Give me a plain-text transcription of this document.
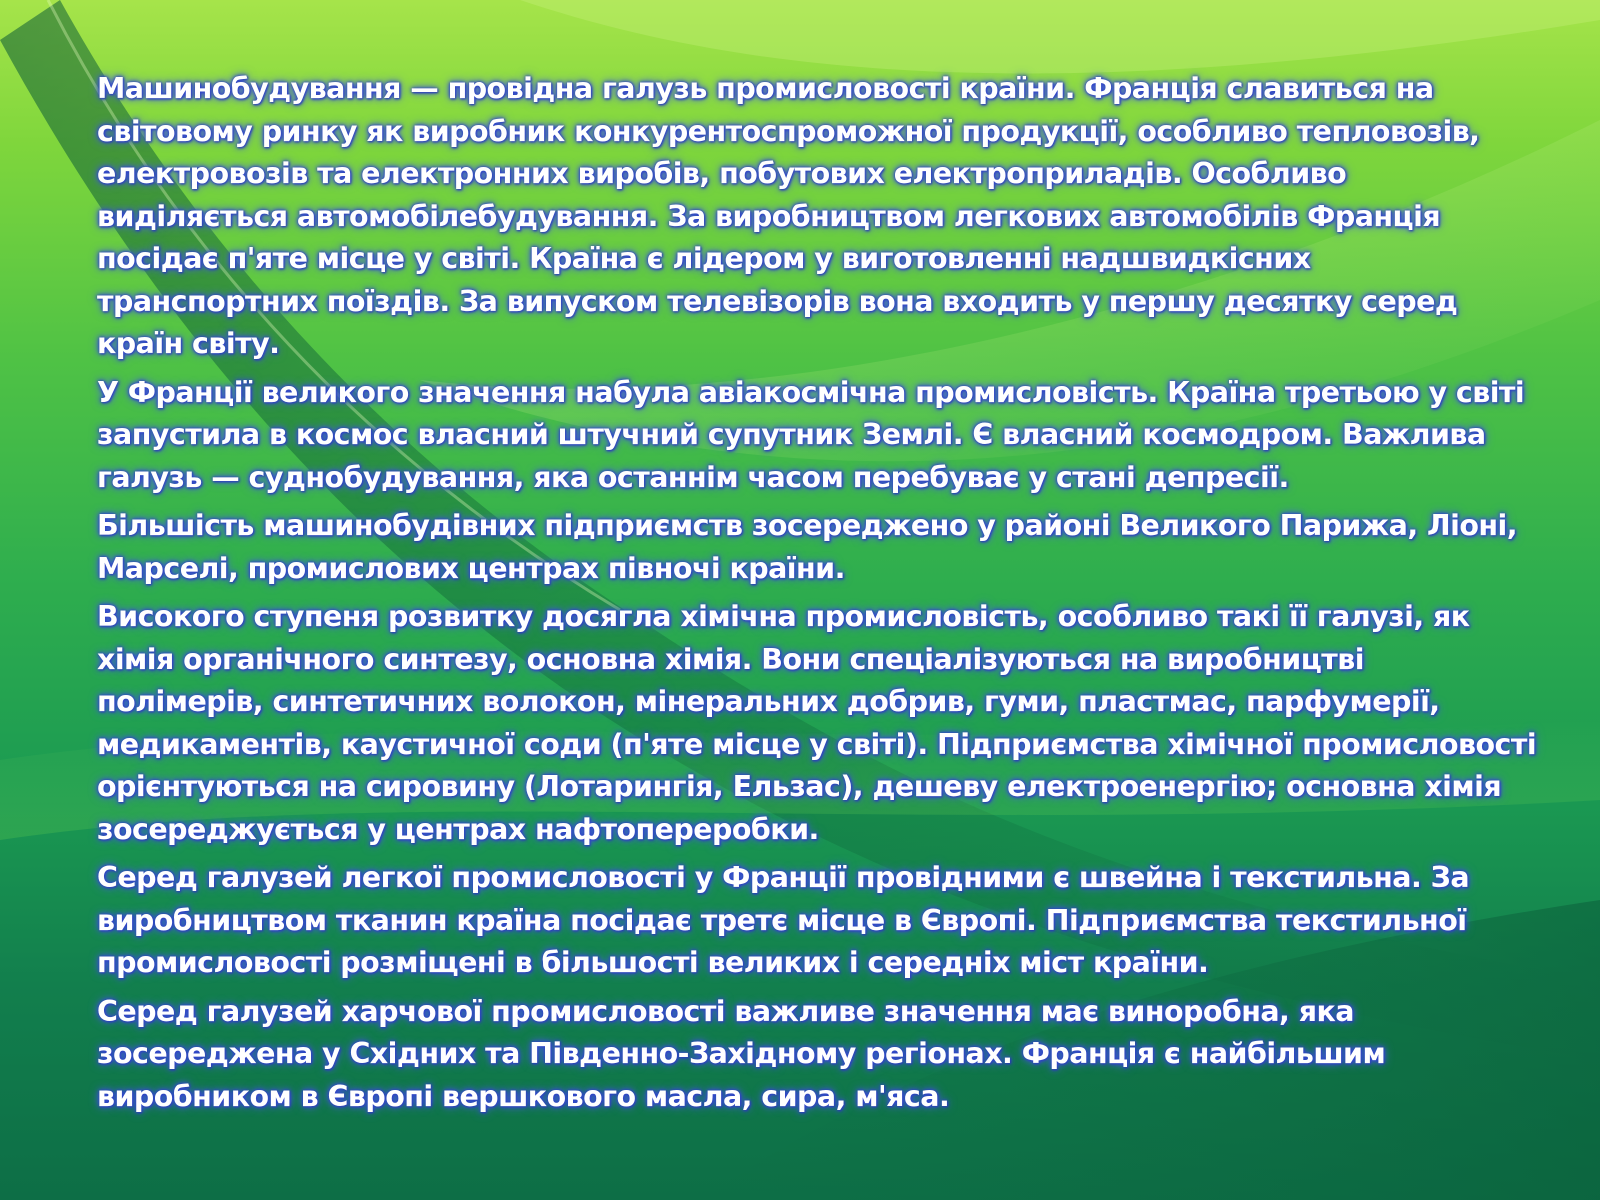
Машинобудування — провідна галузь промисловості країни. Франція славиться на світовому ринку як виробник конкурентоспроможної продукції, особливо тепловозів, електровозів та електронних виробів, побутових електроприладів. Особливо виділяється автомобілебудування. За виробництвом легкових автомобілів Франція посідає п'яте місце у світі. Країна є лідером у виготовленні надшвидкісних транспортних поїздів. За випуском телевізорів вона входить у першу десятку серед країн світу.

У Франції великого значення набула авіакосмічна промисловість. Країна третьою у світі запустила в космос власний штучний супутник Землі. Є власний космодром. Важлива галузь — суднобудування, яка останнім часом перебуває у стані депресії.

Більшість машинобудівних підприємств зосереджено у районі Великого Парижа, Ліоні, Марселі, промислових центрах півночі країни.

Високого ступеня розвитку досягла хімічна промисловість, особливо такі її галузі, як хімія органічного синтезу, основна хімія. Вони спеціалізуються на виробництві полімерів, синтетичних волокон, мінеральних добрив, гуми, пластмас, парфумерії, медикаментів, каустичної соди (п'яте місце у світі). Підприємства хімічної промисловості орієнтуються на сировину (Лотарингія, Ельзас), дешеву електроенергію; основна хімія зосереджується у центрах нафтопереробки.

Серед галузей легкої промисловості у Франції провідними є швейна і текстильна. За виробництвом тканин країна посідає третє місце в Європі. Підприємства текстильної промисловості розміщені в більшості великих і середніх міст країни.

Серед галузей харчової промисловості важливе значення має виноробна, яка зосереджена у Східних та Південно-Західному регіонах. Франція є найбільшим виробником в Європі вершкового масла, сира, м'яса.
